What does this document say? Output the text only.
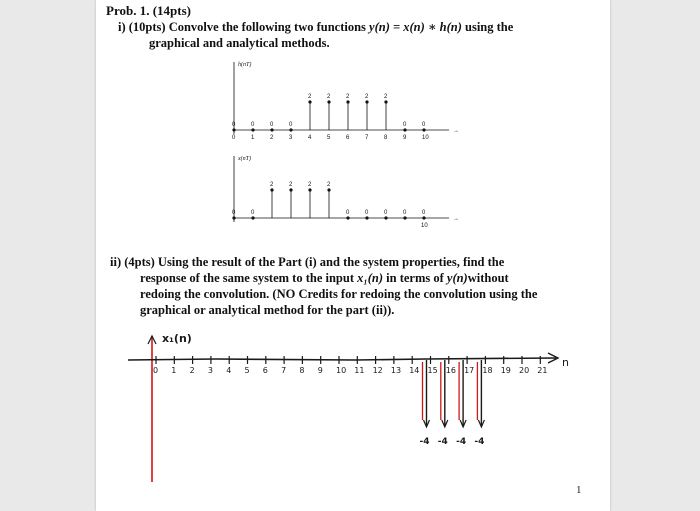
Prob. 1. (14pts)
i) (10pts) Convolve the following two functions y(n) = x(n) ∗ h(n) using the
graphical and analytical methods.
→
h(nT)
0	0	0	0
2	2	2	2	2
0	0
0	1	2	3	4	5	6	7	8	9	10
→
x(nT)
0	0
2	2	2	2
0	0	0	0	0
10
ii) (4pts) Using the result of the Part (i) and the system properties, find the
response of the same system to the input x₁(n) in terms of y(n)without
redoing the convolution. (NO Credits for redoing the convolution using the
graphical or analytical method for the part (ii)).
x₁(n)
n
0 1 2 3 4 5 6 7 8 9 10 11 12 13 14 15 16 17 18 19 20 21
-4 -4 -4 -4
1
